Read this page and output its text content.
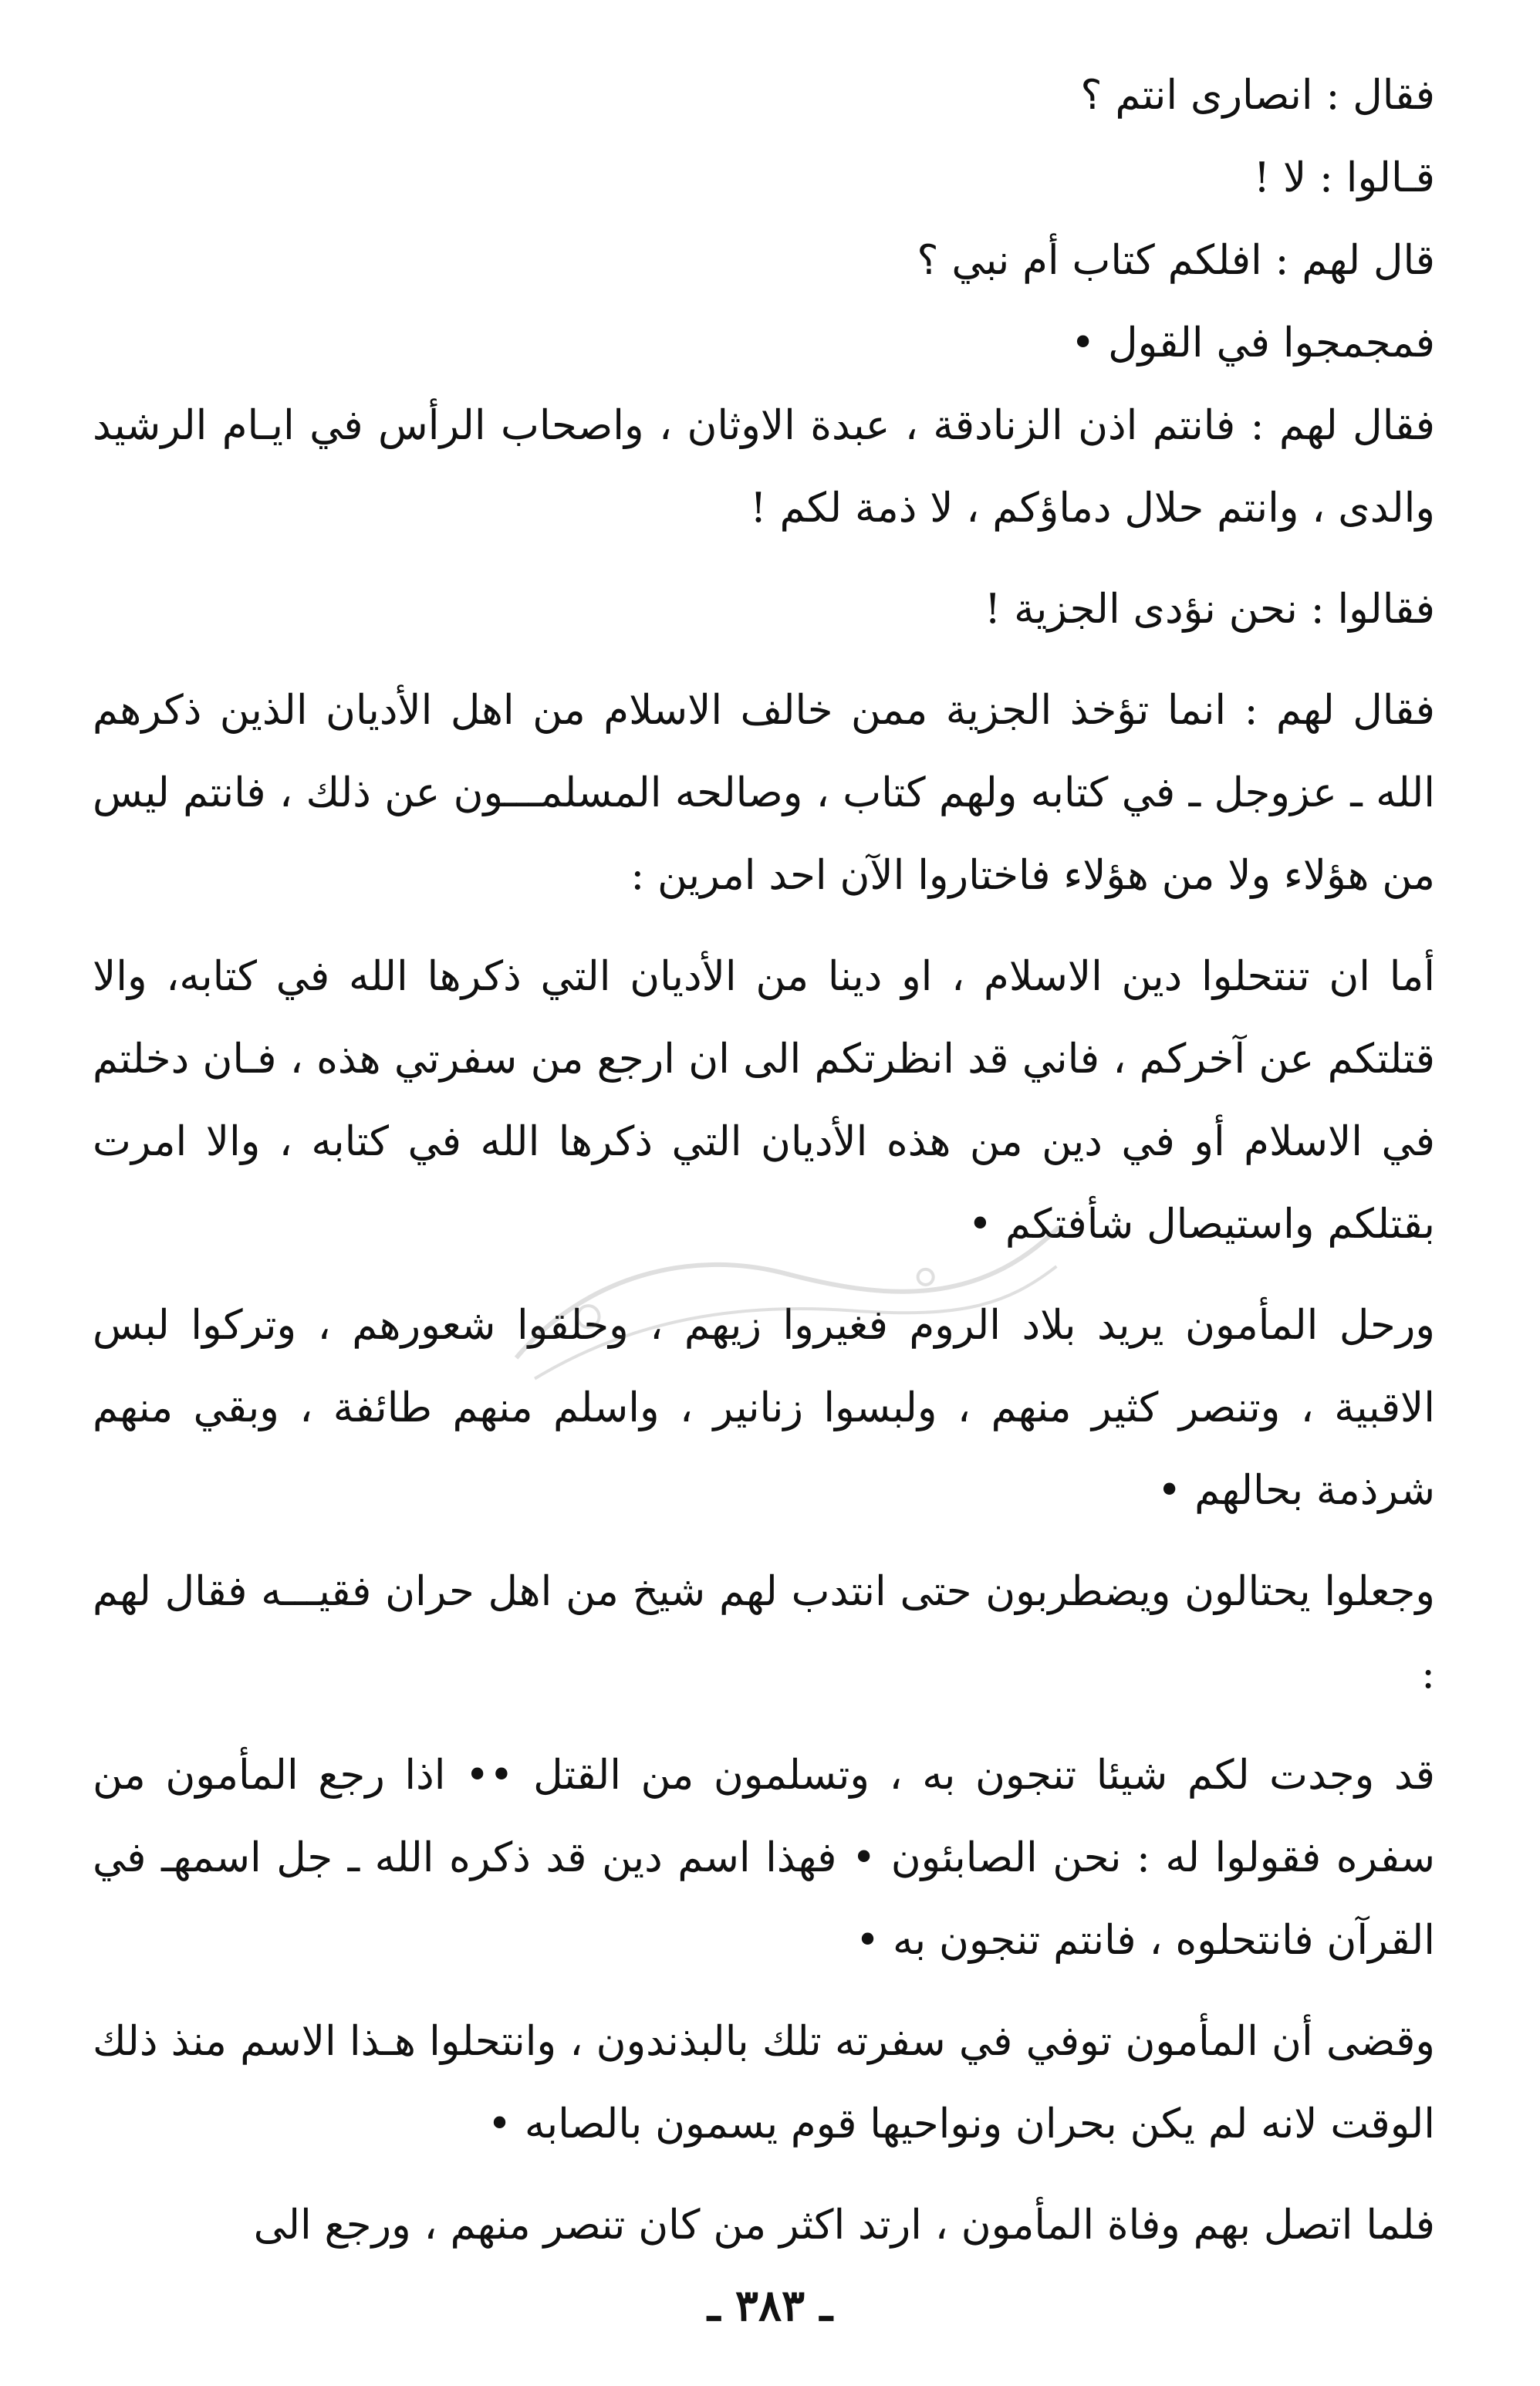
فقال : انصارى انتم ؟

قـالوا : لا !

قال لهم : افلكم كتاب أم نبي ؟

فمجمجوا في القول •

فقال لهم : فانتم اذن الزنادقة ، عبدة الاوثان ، واصحاب الرأس في ايـام الرشيد والدى ، وانتم حلال دماؤكم ، لا ذمة لكم !

فقالوا : نحن نؤدى الجزية !

فقال لهم : انما تؤخذ الجزية ممن خالف الاسلام من اهل الأديان الذين ذكرهم الله ـ عزوجل ـ في كتابه ولهم كتاب ، وصالحه المسلمـــون عن ذلك ، فانتم ليس من هؤلاء ولا من هؤلاء فاختاروا الآن احد امرين :

أما ان تنتحلوا دين الاسلام ، او دينا من الأديان التي ذكرها الله في كتابه، والا قتلتكم عن آخركم ، فاني قد انظرتكم الى ان ارجع من سفرتي هذه ، فـان دخلتم في الاسلام أو في دين من هذه الأديان التي ذكرها الله في كتابه ، والا امرت بقتلكم واستيصال شأفتكم •

ورحل المأمون يريد بلاد الروم فغيروا زيهم ، وحلقوا شعورهم ، وتركوا لبس الاقبية ، وتنصر كثير منهم ، ولبسوا زنانير ، واسلم منهم طائفة ، وبقي منهم شرذمة بحالهم •

وجعلوا يحتالون ويضطربون حتى انتدب لهم شيخ من اهل حران فقيـــه فقال لهم :

قد وجدت لكم شيئا تنجون به ، وتسلمون من القتل •• اذا رجع المأمون من سفره فقولوا له : نحن الصابئون • فهذا اسم دين قد ذكره الله ـ جل اسمهـ في القرآن فانتحلوه ، فانتم تنجون به •

وقضى أن المأمون توفي في سفرته تلك بالبذندون ، وانتحلوا هـذا الاسم منذ ذلك الوقت لانه لم يكن بحران ونواحيها قوم يسمون بالصابه •

فلما اتصل بهم وفاة المأمون ، ارتد اكثر من كان تنصر منهم ، ورجع الى

ـ ٣٨٣ ـ
